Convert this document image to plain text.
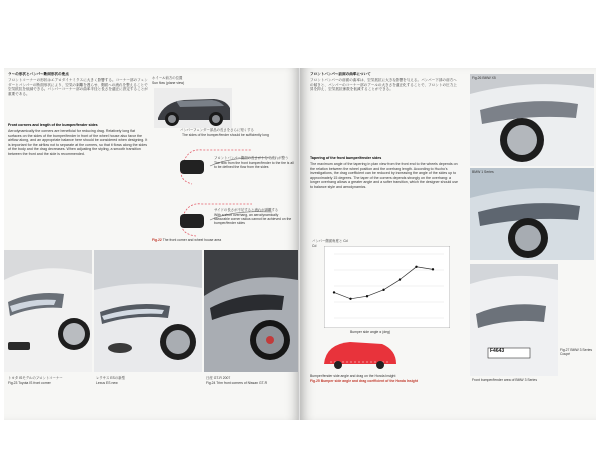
ラーの形状とバンパー断面形状の要点
フロントコーナーの形状はエアロダイナミクスに大きく影響する。コーナー部のフェンダーとバンパーの断面形状により、空気の剥離を遅らせ、側面への流れを整えることで空気抵抗を低減できる。バンパーコーナー部の曲率半径と長さを適正に設定することが重要である。
Front corners and length of the bumper/fender sides
Aerodynamically the corners are beneficial for reducing drag. Relatively long flat surfaces on the sides of the bumper/fender in front of the wheel house also favor the airflow along, and an appropriate balance here should be considered when designing. It is important for the airflow not to separate at the corners, so that it flows along the sides of the body and the drag decreases. When adjusting the styling, a smooth transition between the front and the side is recommended.
ホイール前方の位置
Sun flow (plane view)
バンパーフェンダー部品の長さをさらに短くする
The sides of the bumper/fender should be sufficiently long
フロントバンパー側面の長さが十分で流れが整う
The flow from the front bumper/fender to the tire is all to be defined the flow from the sides
サイドの長さが不足すると流れが剥離する
With a short overhang, an aerodynamically favourable corner radius cannot be achieved on the bumper/fender sides
Fig.22 The front corner and wheel house area
トヨタ ISモデルのフロントコーナー
Fig.23 Toyota IS front corner
レクサス ESの新型
Lexus ES new
日産 GT-R 2007
Fig.24 Trim front corners of Nissan GT-R
フロントバンパー前面の曲率について
フロントバンパーの前面の曲率は、空気抵抗に大きな影響を与える。バンパー下部の前方への傾きと、バンパーのコーナー部のアールの大きさを適正化することで、フロントの圧力上昇を抑え、空気抵抗係数を低減することができる。
Tapering of the front bumper/fender sides
The maximum angle of the tapering in plan view from the front end to the wheels depends on the relation between the wheel position and the overhang length. According to Hucho's investigations, the drag coefficient can be reduced by increasing the angle of the sides up to approximately 15 degrees. The taper of the corners depends strongly on the overhang: a longer overhang allows a greater angle and a softer transition, which the designer should use to balance style and aerodynamics.
Cd
バンパー側面角度と Cd
Bumper side angle α (deg)
Bumper/fender side angle and drag on the Honda Insight
Fig.25 Bumper side angle and drag coefficient of the Honda Insight
Fig.26 BMW X5
BMW 1 Series
F4643	Fig.27 BMW 3 Series Coupé
Front bumper/fender area of BMW 3 Series
